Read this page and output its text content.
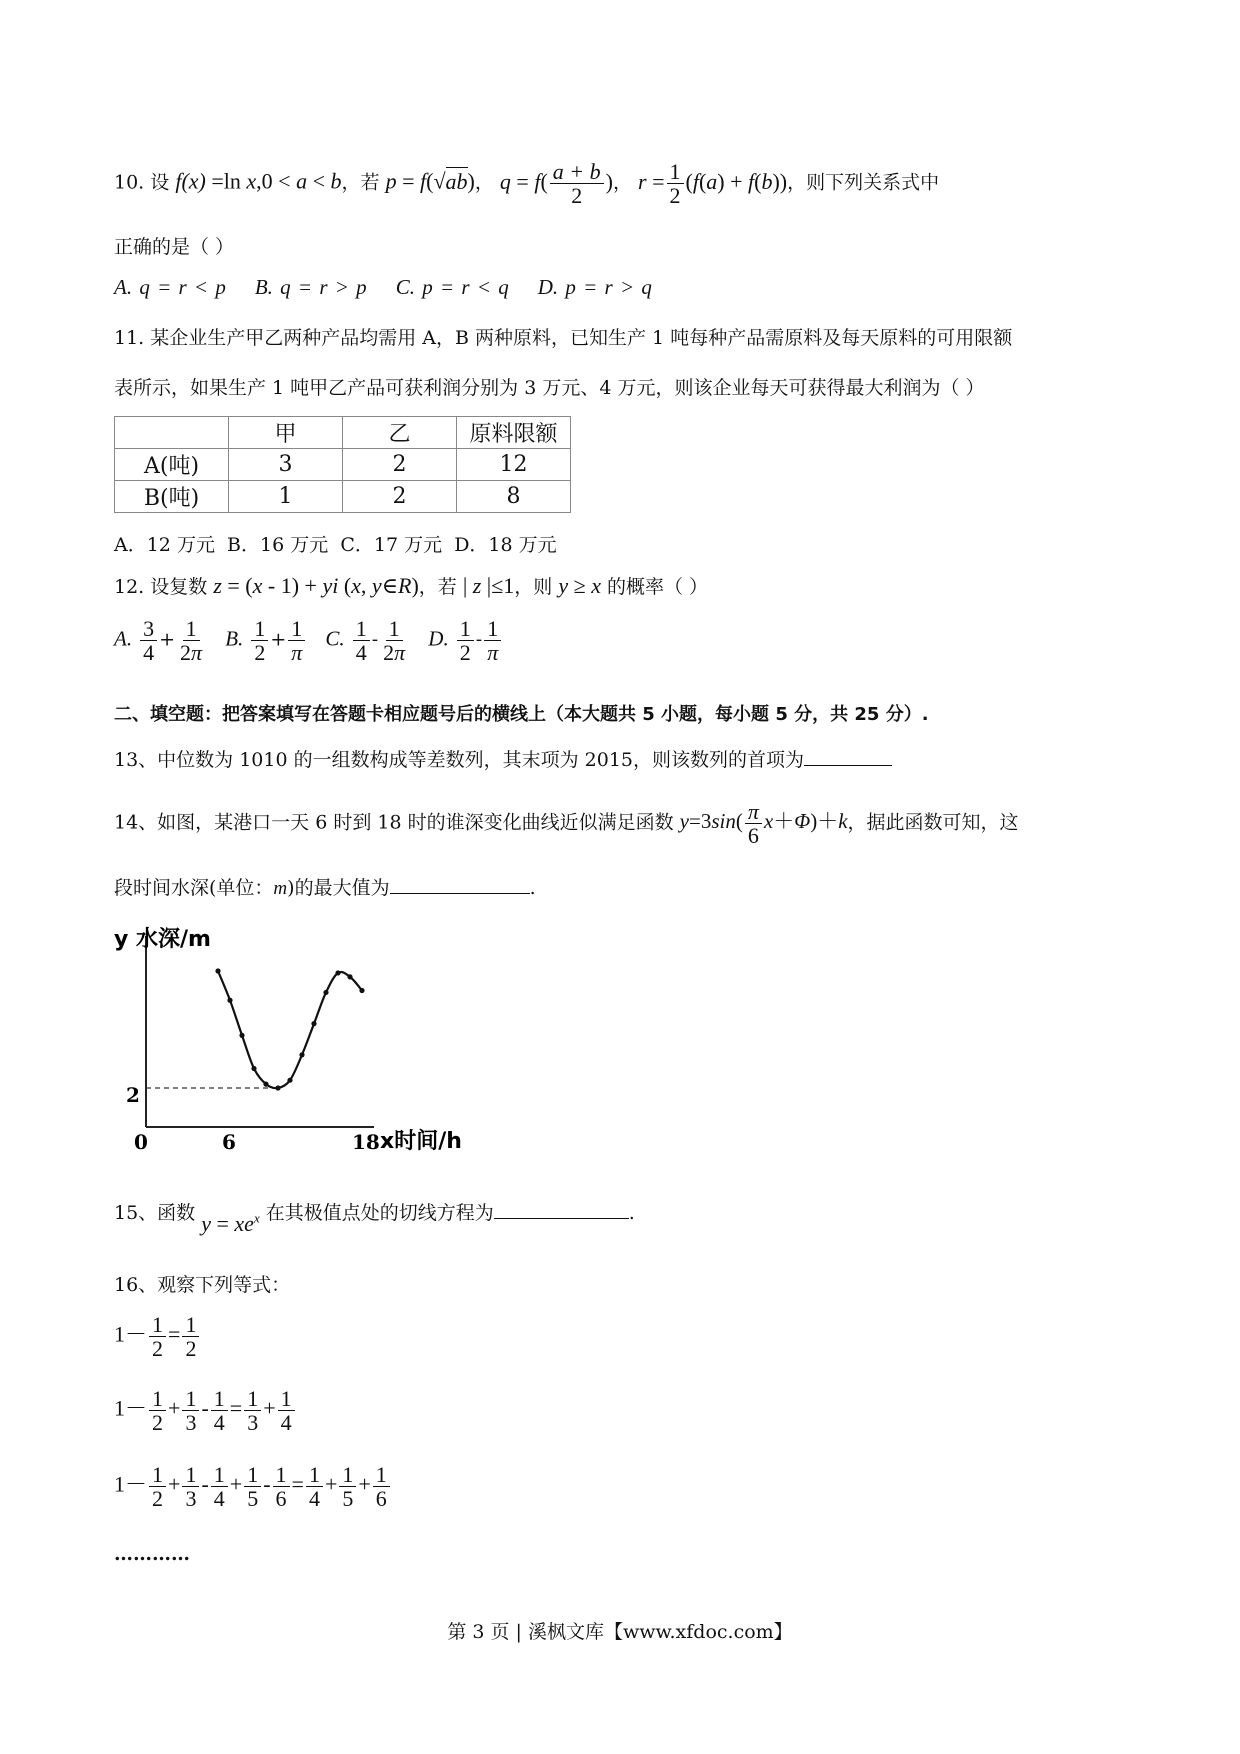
10. 设 f(x) =ln x,0 < a < b，若 p = f(√ab)， $q = f( \frac{a + b}{2}$ )， $r = \frac{1}{2} (f(a) + f(b))$，则下列关系式中
正确的是（ ）
A. q = r < p B. q = r > p C. p = r < q D. p = r > q
11. 某企业生产甲乙两种产品均需用 A，B 两种原料，已知生产 1 吨每种产品需原料及每天原料的可用限额
表所示，如果生产 1 吨甲乙产品可获利润分别为 3 万元、4 万元，则该企业每天可获得最大利润为（ ）
	甲	乙	原料限额
A(吨)	3	2	12
B(吨)	1	2	8
A．12 万元 B．16 万元 C．17 万元 D．18 万元
12. 设复数 z = (x - 1) + yi (x, y∈R)，若 | z |≤1，则 y ≥ x 的概率（ ）
A. $\frac{3}{4} + \frac{1}{2\pi} B$. $\frac{1}{2} + \frac{1}{\pi} C$. $\frac{1}{4} - \frac{1}{2\pi} D$. $\frac{1}{2} - \frac{1}{\pi}$
二、填空题：把答案填写在答题卡相应题号后的横线上（本大题共 5 小题，每小题 5 分，共 25 分）.
13、中位数为 1010 的一组数构成等差数列，其末项为 2015，则该数列的首项为
14、如图，某港口一天 6 时到 18 时的谁深变化曲线近似满足函数 $y=3\sin( \frac{\pi}{6} x+\Phi)+k$，据此函数可知，这
段时间水深(单位：m)的最大值为	.
y 水深/m
x时间/h
0	6	18
2
15、函数 $y = xe^x$ 在其极值点处的切线方程为	.
16、观察下列等式：
$1- \frac{1}{2} = \frac{1}{2}$
$1- \frac{1}{2} + \frac{1}{3} - \frac{1}{4} = \frac{1}{3} + \frac{1}{4}$
$1- \frac{1}{2} + \frac{1}{3} - \frac{1}{4} + \frac{1}{5} - \frac{1}{6} = \frac{1}{4} + \frac{1}{5} + \frac{1}{6}$
…………
第 3 页 | 溪枫文库【www.xfdoc.com】
